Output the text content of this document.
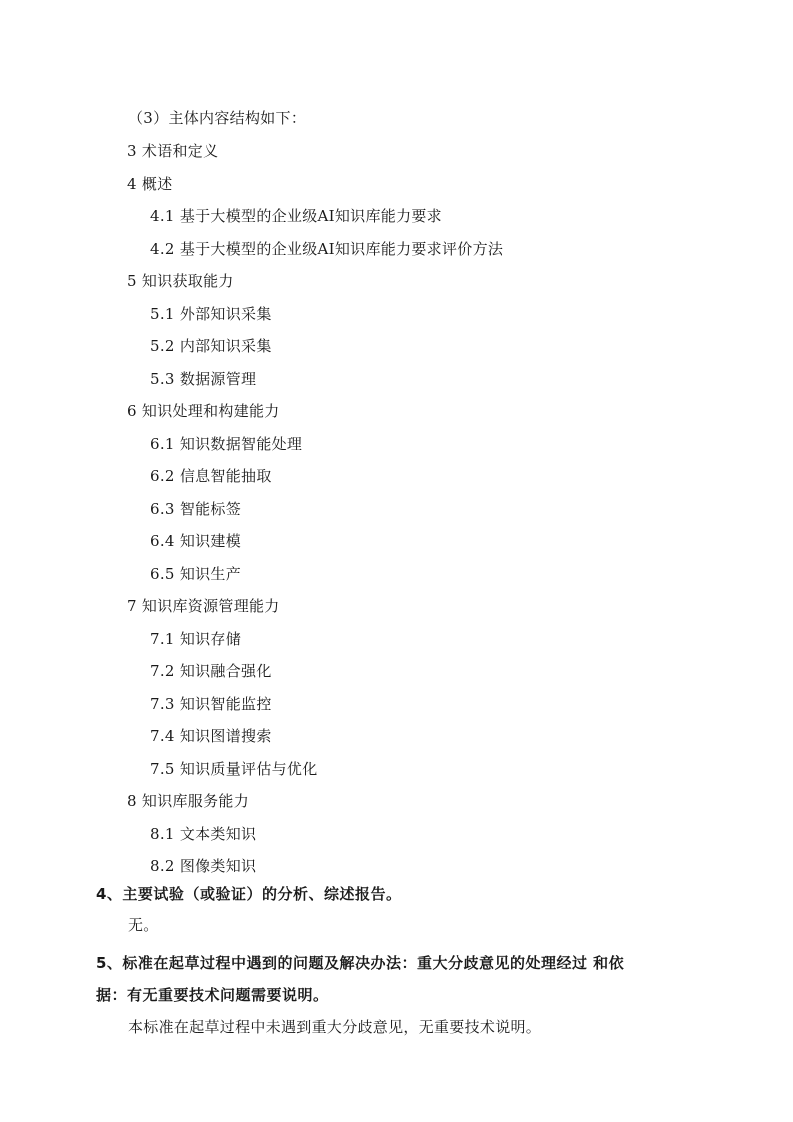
（3）主体内容结构如下：
3 术语和定义
4 概述
4.1 基于大模型的企业级AI知识库能力要求
4.2 基于大模型的企业级AI知识库能力要求评价方法
5 知识获取能力
5.1 外部知识采集
5.2 内部知识采集
5.3 数据源管理
6 知识处理和构建能力
6.1 知识数据智能处理
6.2 信息智能抽取
6.3 智能标签
6.4 知识建模
6.5 知识生产
7 知识库资源管理能力
7.1 知识存储
7.2 知识融合强化
7.3 知识智能监控
7.4 知识图谱搜索
7.5 知识质量评估与优化
8 知识库服务能力
8.1 文本类知识
8.2 图像类知识
4、主要试验（或验证）的分析、综述报告。
无。
5、标准在起草过程中遇到的问题及解决办法：重大分歧意见的处理经过 和依
据：有无重要技术问题需要说明。
本标准在起草过程中未遇到重大分歧意见，无重要技术说明。
